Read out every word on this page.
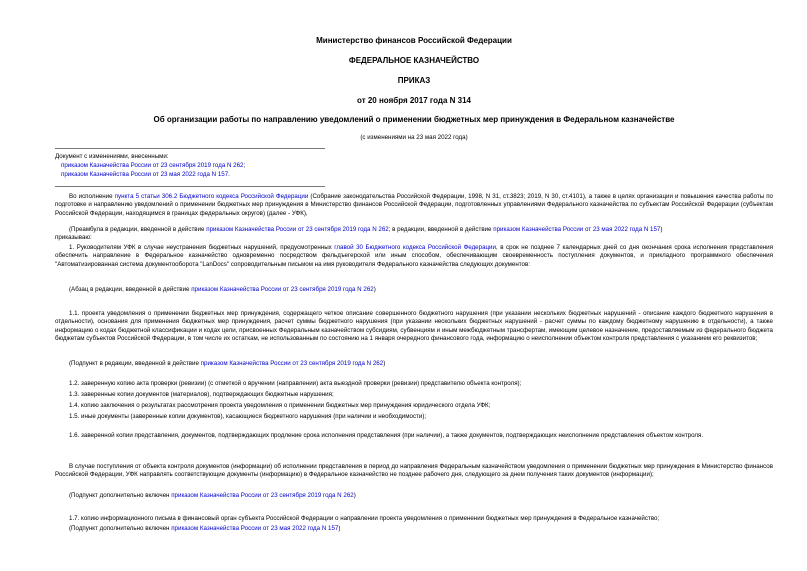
Министерство финансов Российской Федерации
ФЕДЕРАЛЬНОЕ КАЗНАЧЕЙСТВО
ПРИКАЗ
от 20 ноября 2017 года N 314
Об организации работы по направлению уведомлений о применении бюджетных мер принуждения в Федеральном казначействе
(с изменениями на 23 мая 2022 года)
Документ с изменениями, внесенными:
приказом Казначейства России от 23 сентября 2019 года N 262;
приказом Казначейства России от 23 мая 2022 года N 157.
Во исполнение пункта 5 статьи 306.2 Бюджетного кодекса Российской Федерации (Собрание законодательства Российской Федерации, 1998, N 31, ст.3823; 2019, N 30, ст.4101), а также в целях организации и повышения качества работы по подготовке и направлению уведомлений о применении бюджетных мер принуждения в Министерство финансов Российской Федерации, подготовленных управлениями Федерального казначейства по субъектам Российской Федерации (субъектам Российской Федерации, находящимся в границах федеральных округов) (далее - УФК),
(Преамбула в редакции, введенной в действие приказом Казначейства России от 23 сентября 2019 года N 262; в редакции, введенной в действие приказом Казначейства России от 23 мая 2022 года N 157)
приказываю:
1. Руководителям УФК в случае неустранения бюджетных нарушений, предусмотренных главой 30 Бюджетного кодекса Российской Федерации, в срок не позднее 7 календарных дней со дня окончания срока исполнения представления обеспечить направление в Федеральное казначейство одновременно посредством фельдъегерской или иным способом, обеспечивающим своевременность поступления документов, и прикладного программного обеспечения "Автоматизированная система документооборота "LanDocs" сопроводительным письмом на имя руководителя Федерального казначейства следующих документов:
(Абзац в редакции, введенной в действие приказом Казначейства России от 23 сентября 2019 года N 262)
1.1. проекта уведомления о применении бюджетных мер принуждения, содержащего четкое описание совершенного бюджетного нарушения (при указании нескольких бюджетных нарушений - описание каждого бюджетного нарушения в отдельности), основания для применения бюджетных мер принуждения, расчет суммы бюджетного нарушения (при указании нескольких бюджетных нарушений - расчет суммы по каждому бюджетному нарушению в отдельности), а также информацию о кодах бюджетной классификации и кодах цели, присвоенных Федеральным казначейством субсидиям, субвенциям и иным межбюджетным трансфертам, имеющим целевое назначение, предоставляемым из федерального бюджета бюджетам субъектов Российской Федерации, в том числе их остаткам, не использованным по состоянию на 1 января очередного финансового года, информацию о неисполнении объектом контроля представления с указанием его реквизитов;
(Подпункт в редакции, введенной в действие приказом Казначейства России от 23 сентября 2019 года N 262)
1.2. заверенную копию акта проверки (ревизии) (с отметкой о вручении (направлении) акта выездной проверки (ревизии) представителю объекта контроля);
1.3. заверенные копии документов (материалов), подтверждающих бюджетные нарушения;
1.4. копию заключения о результатах рассмотрения проекта уведомления о применении бюджетных мер принуждения юридического отдела УФК;
1.5. иные документы (заверенные копии документов), касающиеся бюджетного нарушения (при наличии и необходимости);
1.6. заверенной копии представления, документов, подтверждающих продление срока исполнения представления (при наличии), а также документов, подтверждающих неисполнение представления объектом контроля.
В случае поступления от объекта контроля документов (информации) об исполнении представления в период до направления Федеральным казначейством уведомления о применении бюджетных мер принуждения в Министерство финансов Российской Федерации, УФК направлять соответствующие документы (информацию) в Федеральное казначейство не позднее рабочего дня, следующего за днем получения таких документов (информации);
(Подпункт дополнительно включен приказом Казначейства России от 23 сентября 2019 года N 262)
1.7. копию информационного письма в финансовый орган субъекта Российской Федерации о направлении проекта уведомления о применении бюджетных мер принуждения в Федеральное казначейство;
(Подпункт дополнительно включен приказом Казначейства России от 23 мая 2022 года N 157)
